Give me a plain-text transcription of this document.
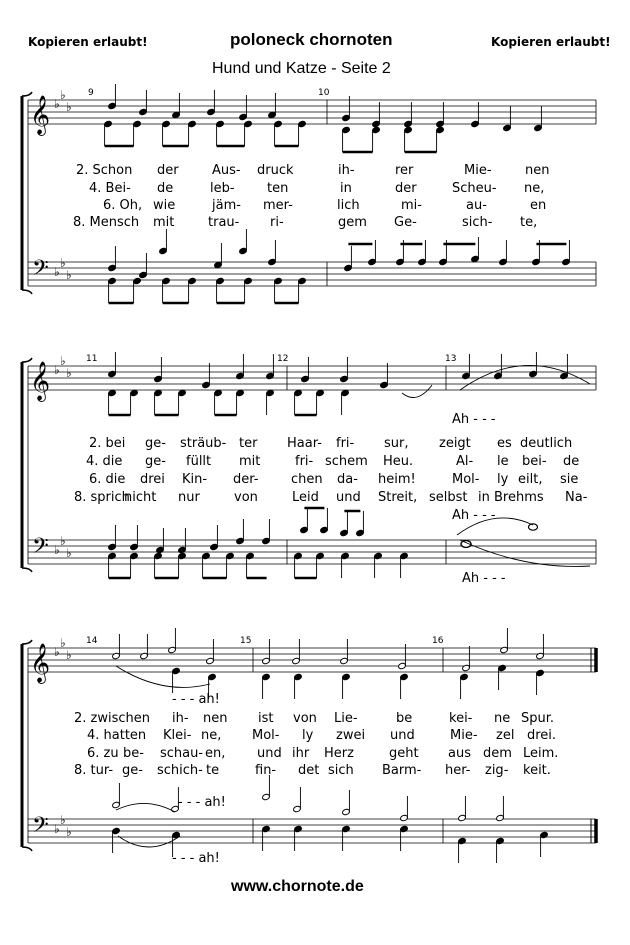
Kopieren erlaubt!	poloneck chornoten	Kopieren erlaubt!
Hund und Katze - Seite 2
𝄞
𝄢
♭
♭
♭
♭
♭
♭
𝄞
𝄢
♭
♭
♭
♭
♭
♭
𝄞
𝄢
♭
♭
♭
♭
♭
♭
9	10
11	12	13
14	15	16
2. Schon der	Aus- druck	ih-	rer	Mie-	nen
4. Bei- de	leb- ten	in	der	Scheu- ne,
6. Oh, wie	jäm- mer-	lich	mi-	au-	en
8. Mensch mit	trau- ri-	gem Ge-	sich- te,
Ah - - -
Ah - - -
Ah - - -
2. bei ge- sträub- ter Haar- fri- sur, zeigt es deutlich
4. die ge- füllt mit	fri- schem Heu.	Al- le bei- de
6. die drei Kin- der-	chen da- heim!	Mol- ly eilt, sie
8. sprich
nicht nur	von	Leid und Streit, selbst in Brehms Na-
- - - ah!
- - - ah!
- - - ah!
2. zwischen ih- nen ist von Lie-	be	kei- ne Spur.
4. hatten Klei- ne, Mol- ly zwei und	Mie- zel drei.
6. zu be- schau- en, und ihr Herz	geht aus dem Leim.
8. tur- ge- schich- te	fin- det sich Barm- her- zig- keit.
www.chornote.de
